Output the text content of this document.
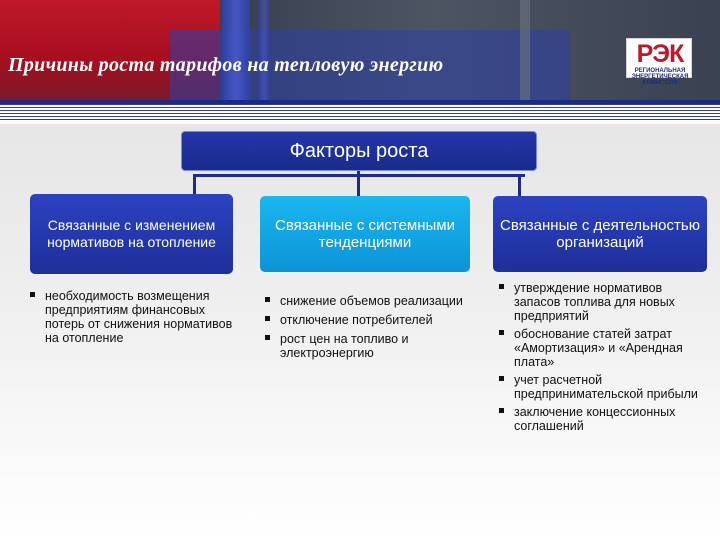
Причины роста тарифов на тепловую энергию	РЭК
РЕГИОНАЛЬНАЯ ЭНЕРГЕТИЧЕСКАЯ КОМИССИЯ
Факторы роста
Связанные с изменением нормативов на отопление
Связанные с системными тенденциями
Связанные с деятельностью организаций
необходимость возмещения предприятиям финансовых потерь от снижения нормативов на отопление
снижение объемов реализации
отключение потребителей
рост цен на топливо и электроэнергию
утверждение нормативов запасов топлива для новых предприятий
обоснование статей затрат «Амортизация» и «Арендная плата»
учет расчетной предпринимательской прибыли
заключение концессионных соглашений
